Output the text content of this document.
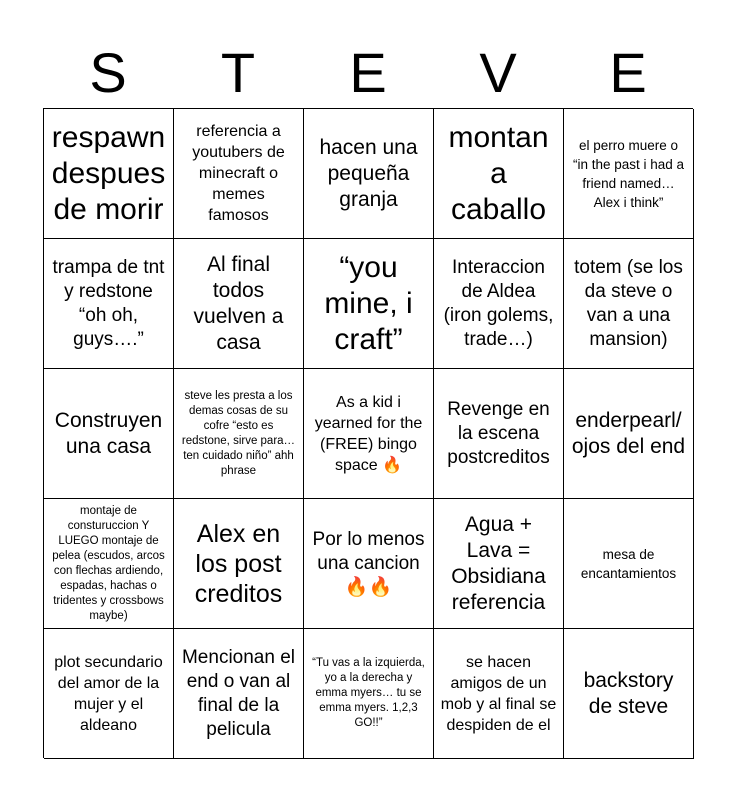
S	T	E	V	E
respawn despues de morir
referencia a youtubers de minecraft o memes famosos
hacen una pequeña granja
montan a caballo
el perro muere o “in the past i had a friend named… Alex i think”
trampa de tnt y redstone “oh oh, guys….”
Al final todos vuelven a casa
“you mine, i craft”
Interaccion de Aldea (iron golems, trade…)
totem (se los da steve o van a una mansion)
Construyen una casa
steve les presta a los demas cosas de su cofre “esto es redstone, sirve para… ten cuidado niño” ahh phrase
As a kid i yearned for the (FREE) bingo space 🔥
Revenge en la escena postcreditos
enderpearl/ ojos del end
montaje de consturuccion Y LUEGO montaje de pelea (escudos, arcos con flechas ardiendo, espadas, hachas o tridentes y crossbows maybe)
Alex en los post creditos
Por lo menos una cancion 🔥🔥
Agua + Lava = Obsidiana referencia
mesa de encantamientos
plot secundario del amor de la mujer y el aldeano
Mencionan el end o van al final de la pelicula
“Tu vas a la izquierda, yo a la derecha y emma myers… tu se emma myers. 1,2,3 GO!!”
se hacen amigos de un mob y al final se despiden de el
backstory de steve
